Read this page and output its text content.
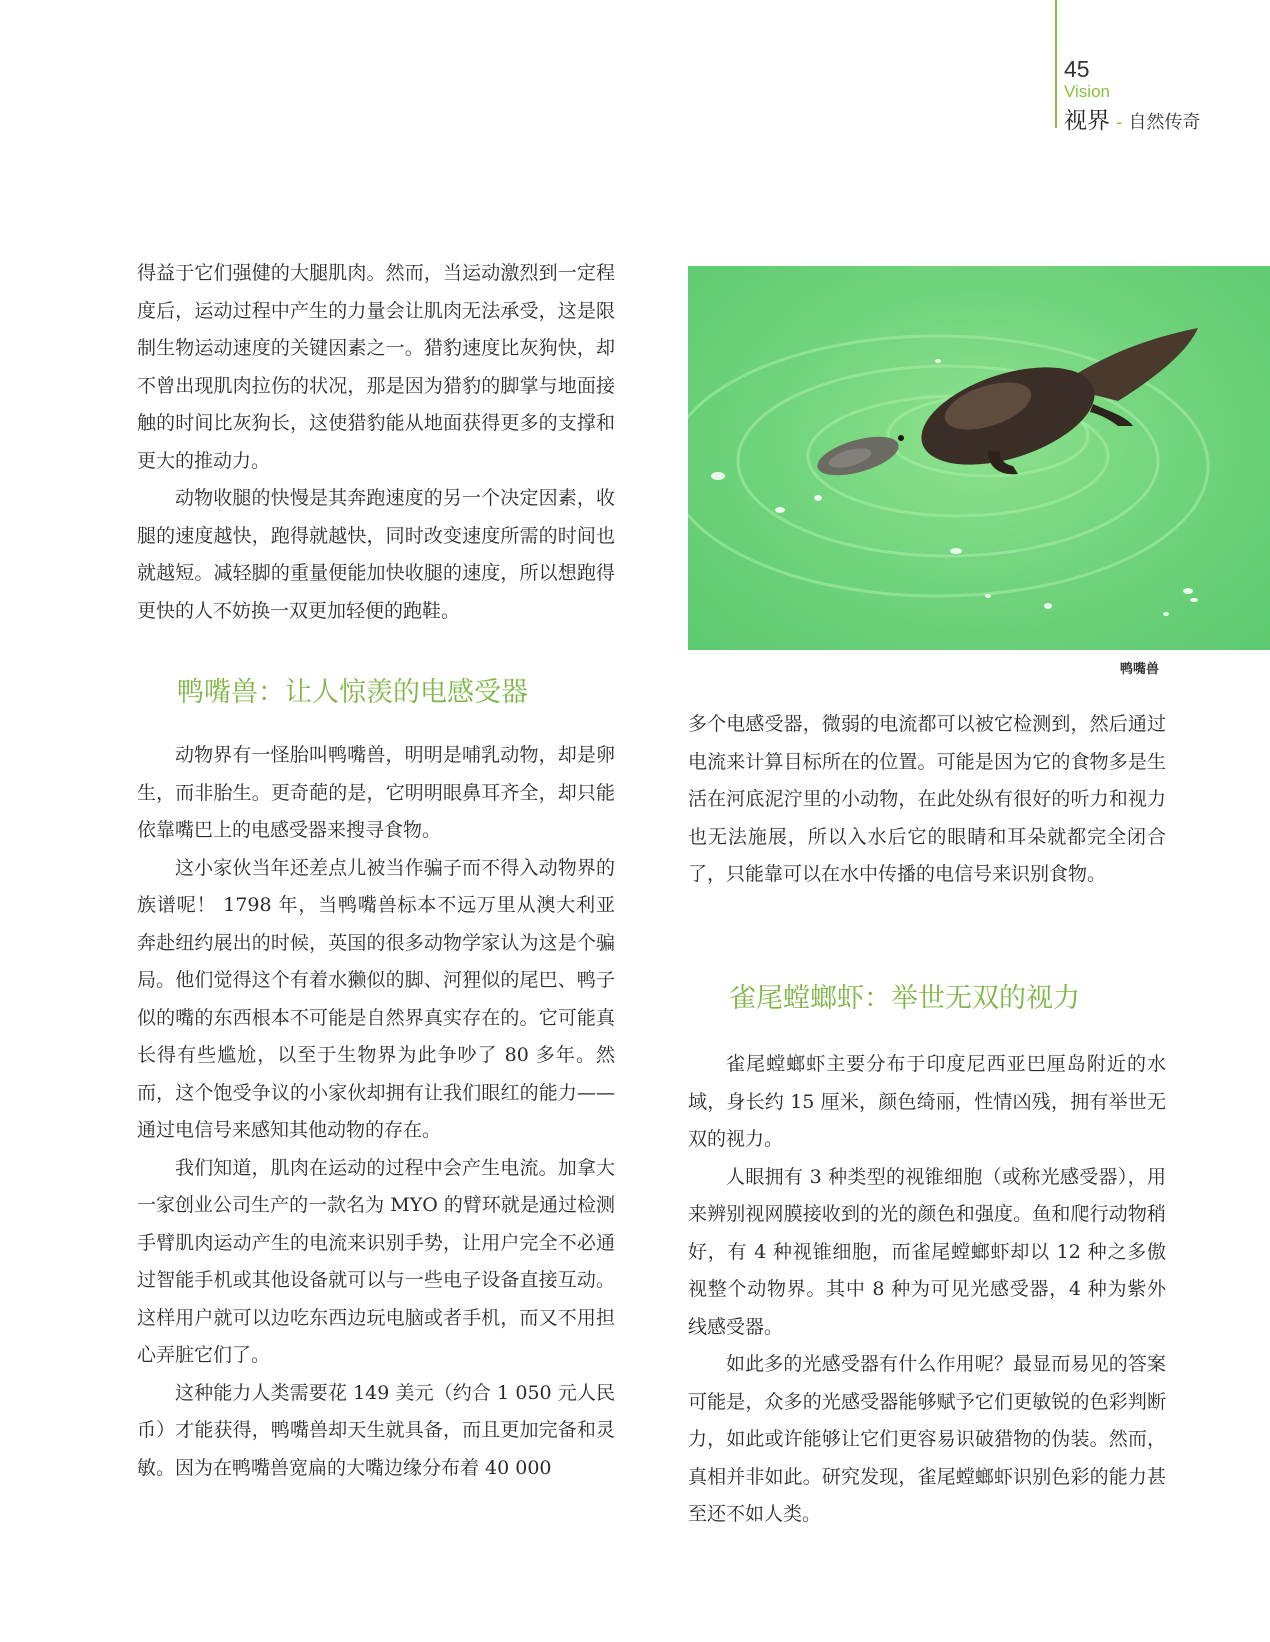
45
Vision
视界 - 自然传奇

得益于它们强健的大腿肌肉。然而，当运动激烈到一定程度后，运动过程中产生的力量会让肌肉无法承受，这是限制生物运动速度的关键因素之一。猎豹速度比灰狗快，却不曾出现肌肉拉伤的状况，那是因为猎豹的脚掌与地面接触的时间比灰狗长，这使猎豹能从地面获得更多的支撑和更大的推动力。

动物收腿的快慢是其奔跑速度的另一个决定因素，收腿的速度越快，跑得就越快，同时改变速度所需的时间也就越短。减轻脚的重量便能加快收腿的速度，所以想跑得更快的人不妨换一双更加轻便的跑鞋。

鸭嘴兽：让人惊羡的电感受器

动物界有一怪胎叫鸭嘴兽，明明是哺乳动物，却是卵生，而非胎生。更奇葩的是，它明明眼鼻耳齐全，却只能依靠嘴巴上的电感受器来搜寻食物。

这小家伙当年还差点儿被当作骗子而不得入动物界的族谱呢！ 1798 年，当鸭嘴兽标本不远万里从澳大利亚奔赴纽约展出的时候，英国的很多动物学家认为这是个骗局。他们觉得这个有着水獭似的脚、河狸似的尾巴、鸭子似的嘴的东西根本不可能是自然界真实存在的。它可能真长得有些尴尬，以至于生物界为此争吵了 80 多年。然而，这个饱受争议的小家伙却拥有让我们眼红的能力——通过电信号来感知其他动物的存在。

我们知道，肌肉在运动的过程中会产生电流。加拿大一家创业公司生产的一款名为 MYO 的臂环就是通过检测手臂肌肉运动产生的电流来识别手势，让用户完全不必通过智能手机或其他设备就可以与一些电子设备直接互动。这样用户就可以边吃东西边玩电脑或者手机，而又不用担心弄脏它们了。

这种能力人类需要花 149 美元（约合 1 050 元人民币）才能获得，鸭嘴兽却天生就具备，而且更加完备和灵敏。因为在鸭嘴兽宽扁的大嘴边缘分布着 40 000

鸭嘴兽

多个电感受器，微弱的电流都可以被它检测到，然后通过电流来计算目标所在的位置。可能是因为它的食物多是生活在河底泥泞里的小动物，在此处纵有很好的听力和视力也无法施展，所以入水后它的眼睛和耳朵就都完全闭合了，只能靠可以在水中传播的电信号来识别食物。

雀尾螳螂虾：举世无双的视力

雀尾螳螂虾主要分布于印度尼西亚巴厘岛附近的水域，身长约 15 厘米，颜色绮丽，性情凶残，拥有举世无双的视力。

人眼拥有 3 种类型的视锥细胞（或称光感受器），用来辨别视网膜接收到的光的颜色和强度。鱼和爬行动物稍好，有 4 种视锥细胞，而雀尾螳螂虾却以 12 种之多傲视整个动物界。其中 8 种为可见光感受器，4 种为紫外线感受器。

如此多的光感受器有什么作用呢？最显而易见的答案可能是，众多的光感受器能够赋予它们更敏锐的色彩判断力，如此或许能够让它们更容易识破猎物的伪装。然而，真相并非如此。研究发现，雀尾螳螂虾识别色彩的能力甚至还不如人类。
